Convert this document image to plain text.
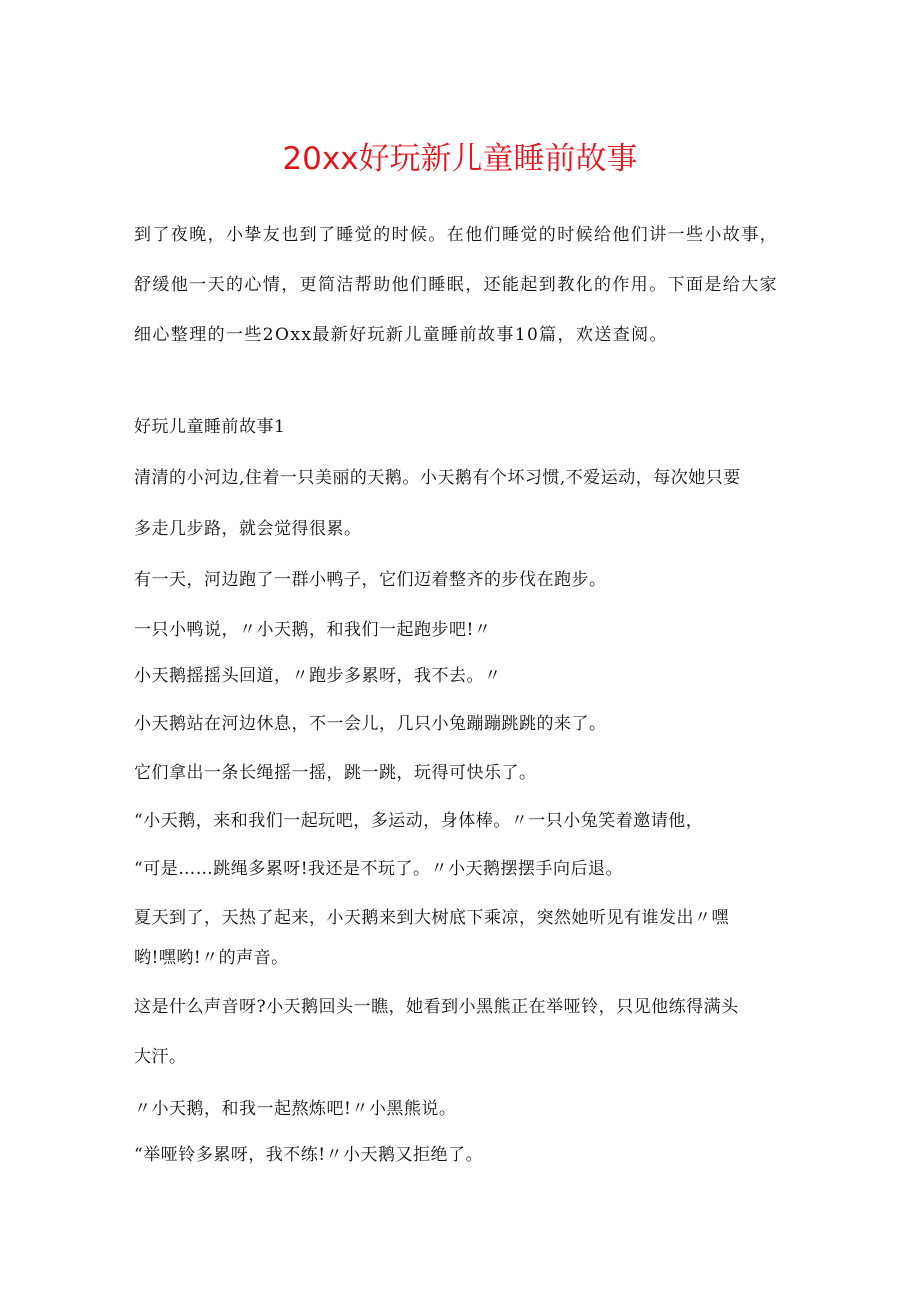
20xx好玩新儿童睡前故事

到了夜晚，小挚友也到了睡觉的时候。在他们睡觉的时候给他们讲一些小故事，

舒缓他一天的心情，更简洁帮助他们睡眠，还能起到教化的作用。下面是给大家

细心整理的一些2Oxx最新好玩新儿童睡前故事10篇，欢送查阅。

好玩儿童睡前故事1

清清的小河边,住着一只美丽的天鹅。小天鹅有个坏习惯,不爱运动，每次她只要

多走几步路，就会觉得很累。

有一天，河边跑了一群小鸭子，它们迈着整齐的步伐在跑步。

一只小鸭说，〃小天鹅，和我们一起跑步吧!〃

小天鹅摇摇头回道，〃跑步多累呀，我不去。〃

小天鹅站在河边休息，不一会儿，几只小兔蹦蹦跳跳的来了。

它们拿出一条长绳摇一摇，跳一跳，玩得可快乐了。

“小天鹅，来和我们一起玩吧，多运动，身体棒。〃一只小兔笑着邀请他，

“可是……跳绳多累呀!我还是不玩了。〃小天鹅摆摆手向后退。

夏天到了，天热了起来，小天鹅来到大树底下乘凉，突然她听见有谁发出〃嘿

哟!嘿哟!〃的声音。

这是什么声音呀?小天鹅回头一瞧，她看到小黑熊正在举哑铃，只见他练得满头

大汗。

〃小天鹅，和我一起熬炼吧!〃小黑熊说。

“举哑铃多累呀，我不练!〃小天鹅又拒绝了。
